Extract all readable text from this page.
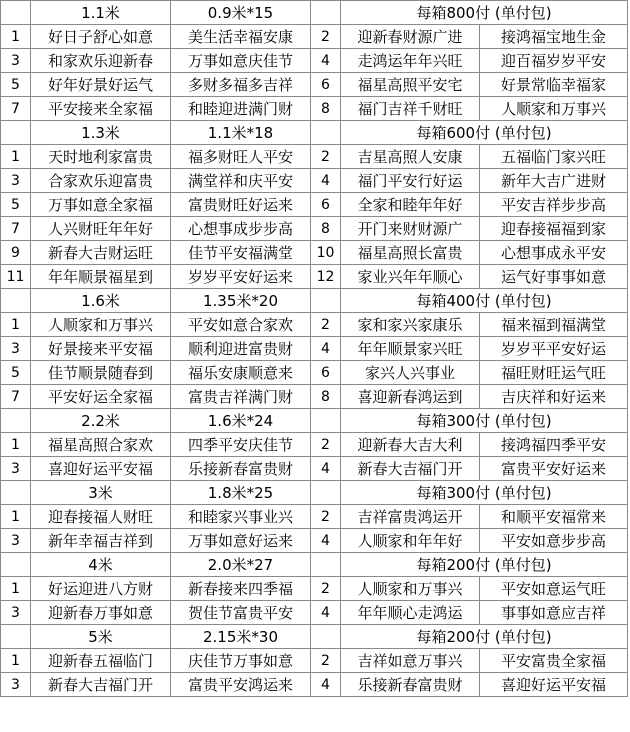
	1.1米	0.9米*15		每箱800付 (单付包)	
1	好日子舒心如意	美生活幸福安康	2	迎新春财源广进	接鸿福宝地生金
3	和家欢乐迎新春	万事如意庆佳节	4	走鸿运年年兴旺	迎百福岁岁平安
5	好年好景好运气	多财多福多吉祥	6	福星高照平安宅	好景常临幸福家
7	平安接来全家福	和睦迎进满门财	8	福门吉祥千财旺	人顺家和万事兴
	1.3米	1.1米*18		每箱600付 (单付包)	
1	天时地利家富贵	福多财旺人平安	2	吉星高照人安康	五福临门家兴旺
3	合家欢乐迎富贵	满堂祥和庆平安	4	福门平安行好运	新年大吉广进财
5	万事如意全家福	富贵财旺好运来	6	全家和睦年年好	平安吉祥步步高
7	人兴财旺年年好	心想事成步步高	8	开门来财财源广	迎春接福福到家
9	新春大吉财运旺	佳节平安福满堂	10	福星高照长富贵	心想事成永平安
11	年年顺景福星到	岁岁平安好运来	12	家业兴年年顺心	运气好事事如意
	1.6米	1.35米*20		每箱400付 (单付包)	
1	人顺家和万事兴	平安如意合家欢	2	家和家兴家康乐	福来福到福满堂
3	好景接来平安福	顺利迎进富贵财	4	年年顺景家兴旺	岁岁平平安好运
5	佳节顺景随春到	福乐安康顺意来	6	家兴人兴事业	福旺财旺运气旺
7	平安好运全家福	富贵吉祥满门财	8	喜迎新春鸿运到	吉庆祥和好运来
	2.2米	1.6米*24		每箱300付 (单付包)	
1	福星高照合家欢	四季平安庆佳节	2	迎新春大吉大利	接鸿福四季平安
3	喜迎好运平安福	乐接新春富贵财	4	新春大吉福门开	富贵平安好运来
	3米	1.8米*25		每箱300付 (单付包)	
1	迎春接福人财旺	和睦家兴事业兴	2	吉祥富贵鸿运开	和顺平安福常来
3	新年幸福吉祥到	万事如意好运来	4	人顺家和年年好	平安如意步步高
	4米	2.0米*27		每箱200付 (单付包)	
1	好运迎进八方财	新春接来四季福	2	人顺家和万事兴	平安如意运气旺
3	迎新春万事如意	贺佳节富贵平安	4	年年顺心走鸿运	事事如意应吉祥
	5米	2.15米*30		每箱200付 (单付包)	
1	迎新春五福临门	庆佳节万事如意	2	吉祥如意万事兴	平安富贵全家福
3	新春大吉福门开	富贵平安鸿运来	4	乐接新春富贵财	喜迎好运平安福
